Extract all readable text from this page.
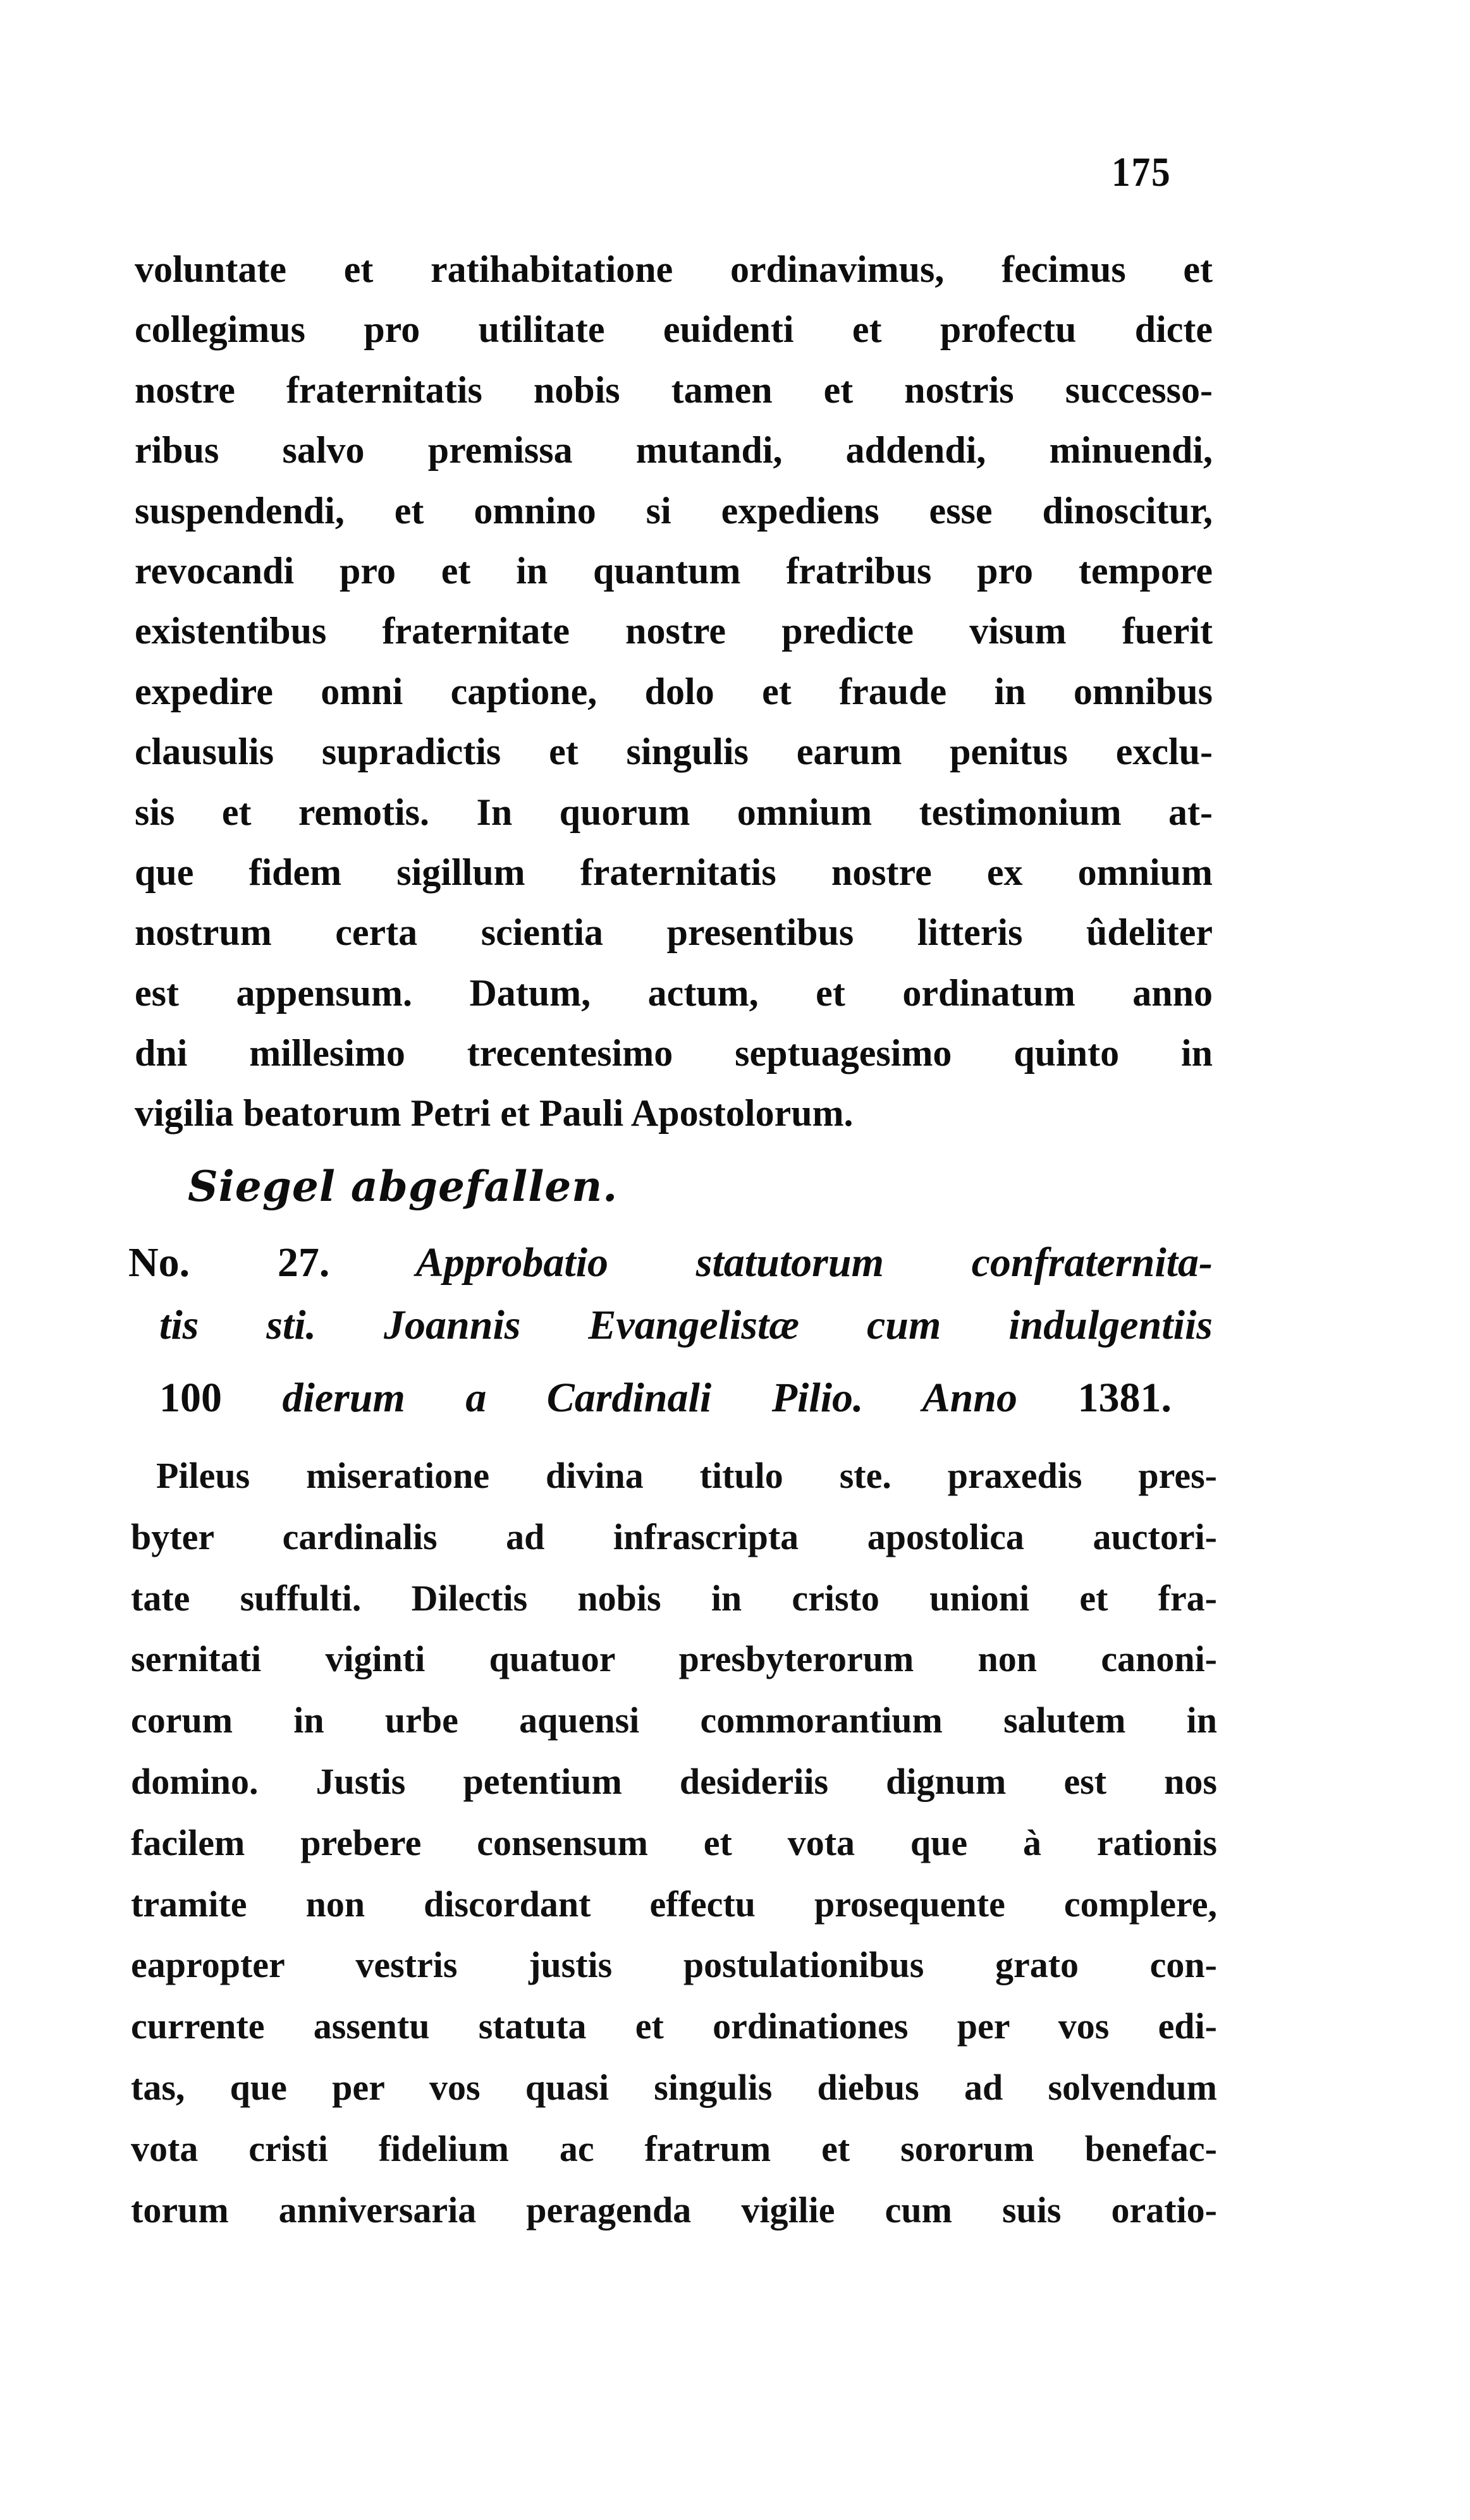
175
voluntate et ratihabitatione ordinavimus, fecimus et
collegimus pro utilitate euidenti et profectu dicte
nostre fraternitatis nobis tamen et nostris successo-
ribus salvo premissa mutandi, addendi, minuendi,
suspendendi, et omnino si expediens esse dinoscitur,
revocandi pro et in quantum fratribus pro tempore
existentibus fraternitate nostre predicte visum fuerit
expedire omni captione, dolo et fraude in omnibus
clausulis supradictis et singulis earum penitus exclu-
sis et remotis. In quorum omnium testimonium at-
que fidem sigillum fraternitatis nostre ex omnium
nostrum certa scientia presentibus litteris ûdeliter
est appensum. Datum, actum, et ordinatum anno
dni millesimo trecentesimo septuagesimo quinto in
vigilia beatorum Petri et Pauli Apostolorum.
Siegel abgefallen.
No. 27. Approbatio statutorum confraternita-
tis sti. Joannis Evangelistæ cum indulgentiis
100 dierum a Cardinali Pilio. Anno 1381.
Pileus miseratione divina titulo ste. praxedis pres-
byter cardinalis ad infrascripta apostolica auctori-
tate suffulti. Dilectis nobis in cristo unioni et fra-
sernitati viginti quatuor presbyterorum non canoni-
corum in urbe aquensi commorantium salutem in
domino. Justis petentium desideriis dignum est nos
facilem prebere consensum et vota que à rationis
tramite non discordant effectu prosequente complere,
eapropter vestris justis postulationibus grato con-
currente assentu statuta et ordinationes per vos edi-
tas, que per vos quasi singulis diebus ad solvendum
vota cristi fidelium ac fratrum et sororum benefac-
torum anniversaria peragenda vigilie cum suis oratio-
